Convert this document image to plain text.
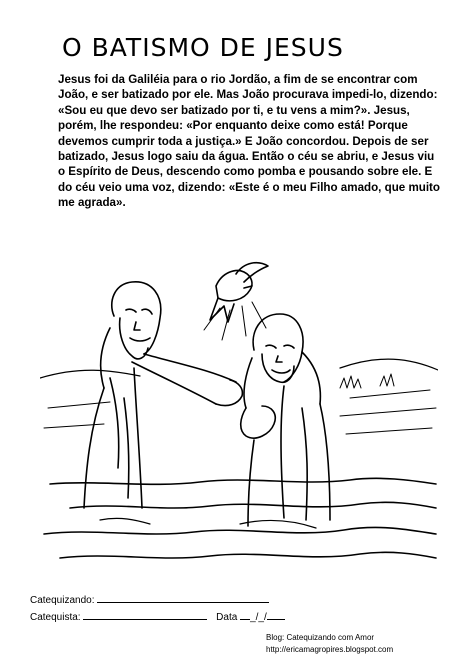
O BATISMO DE JESUS

Jesus foi da Galiléia para o rio Jordão, a fim de se encontrar com João, e ser batizado por ele. Mas João procurava impedi-lo, dizendo: «Sou eu que devo ser batizado por ti, e tu vens a mim?». Jesus, porém, lhe respondeu: «Por enquanto deixe como está! Porque devemos cumprir toda a justiça.» E João concordou. Depois de ser batizado, Jesus logo saiu da água. Então o céu se abriu, e Jesus viu o Espírito de Deus, descendo como pomba e pousando sobre ele. E do céu veio uma voz, dizendo: «Este é o meu Filho amado, que muito me agrada».

Catequizando:
Catequista:	Data _/_/
Blog: Catequizando com Amor
http://ericamagropires.blogspot.com
